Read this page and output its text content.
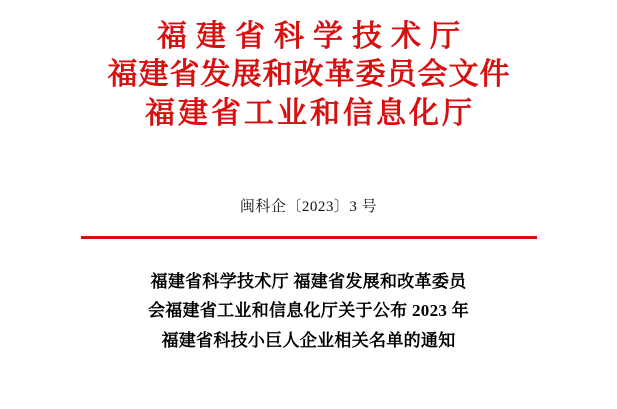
福建省科学技术厅
福建省发展和改革委员会文件
福建省工业和信息化厅
闽科企〔2023〕3 号
福建省科学技术厅 福建省发展和改革委员
会福建省工业和信息化厅关于公布 2023 年
福建省科技小巨人企业相关名单的通知
